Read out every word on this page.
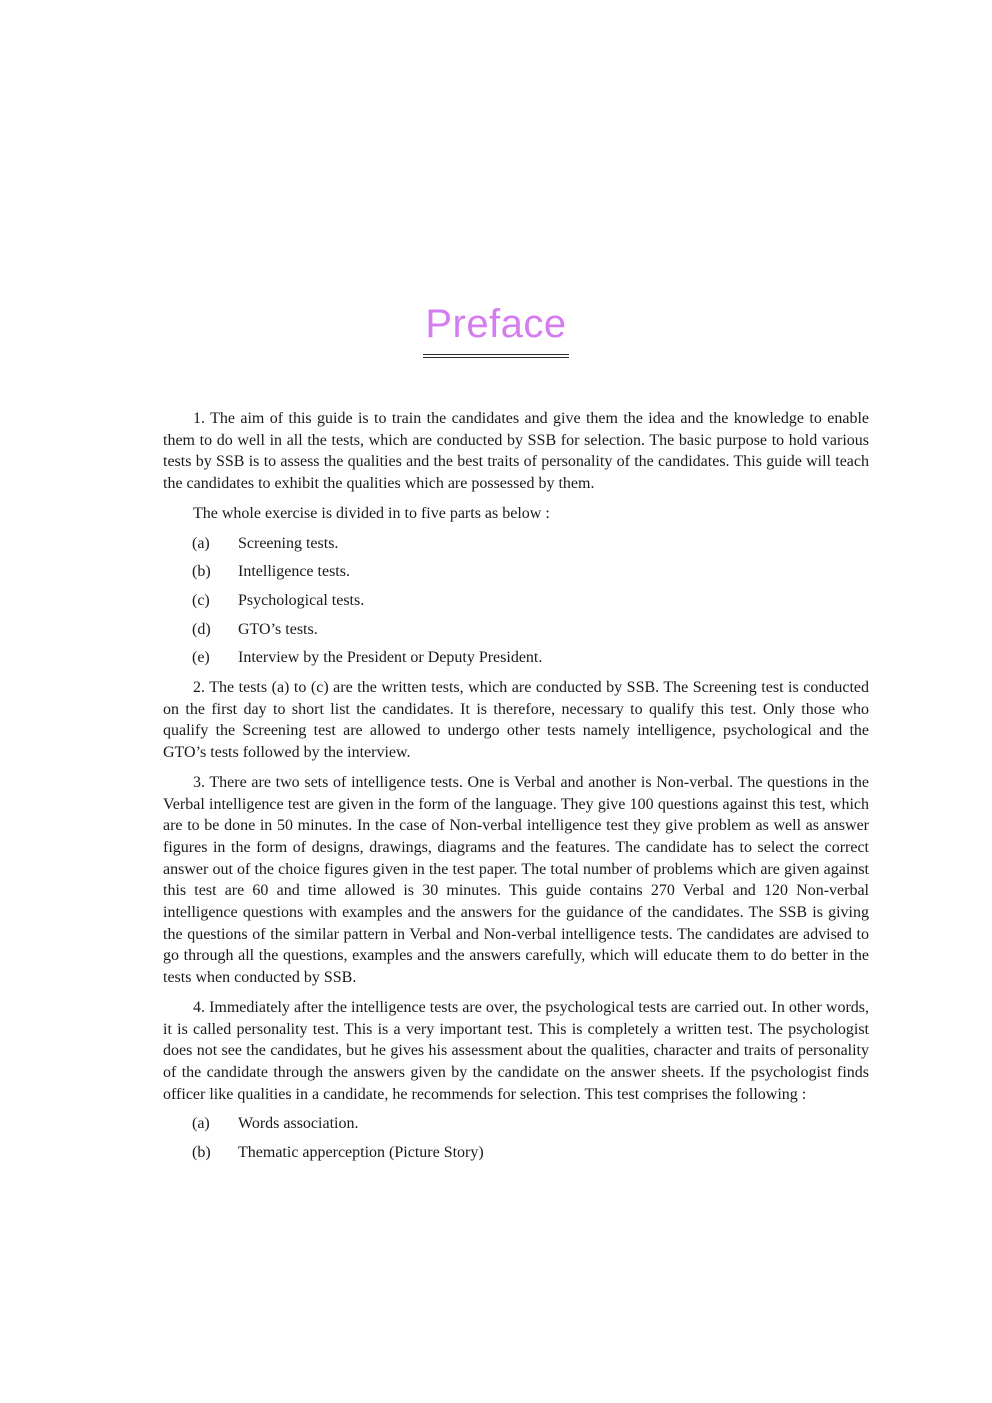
Preface

1. The aim of this guide is to train the candidates and give them the idea and the knowledge to enable them to do well in all the tests, which are conducted by SSB for selection. The basic purpose to hold various tests by SSB is to assess the qualities and the best traits of personality of the candidates. This guide will teach the candidates to exhibit the qualities which are possessed by them.

The whole exercise is divided in to five parts as below :

(a)	Screening tests.
(b)	Intelligence tests.
(c)	Psychological tests.
(d)	GTO’s tests.
(e)	Interview by the President or Deputy President.

2. The tests (a) to (c) are the written tests, which are conducted by SSB. The Screening test is conducted on the first day to short list the candidates. It is therefore, necessary to qualify this test. Only those who qualify the Screening test are allowed to undergo other tests namely intelligence, psychological and the GTO’s tests followed by the interview.

3. There are two sets of intelligence tests. One is Verbal and another is Non-verbal. The questions in the Verbal intelligence test are given in the form of the language. They give 100 questions against this test, which are to be done in 50 minutes. In the case of Non-verbal intelligence test they give problem as well as answer figures in the form of designs, drawings, diagrams and the features. The candidate has to select the correct answer out of the choice figures given in the test paper. The total number of problems which are given against this test are 60 and time allowed is 30 minutes. This guide contains 270 Verbal and 120 Non-verbal intelligence questions with examples and the answers for the guidance of the candidates. The SSB is giving the questions of the similar pattern in Verbal and Non-verbal intelligence tests. The candidates are advised to go through all the questions, examples and the answers carefully, which will educate them to do better in the tests when conducted by SSB.

4. Immediately after the intelligence tests are over, the psychological tests are carried out. In other words, it is called personality test. This is a very important test. This is completely a written test. The psychologist does not see the candidates, but he gives his assessment about the qualities, character and traits of personality of the candidate through the answers given by the candidate on the answer sheets. If the psychologist finds officer like qualities in a candidate, he recommends for selection. This test comprises the following :

(a)	Words association.
(b)	Thematic apperception (Picture Story)
